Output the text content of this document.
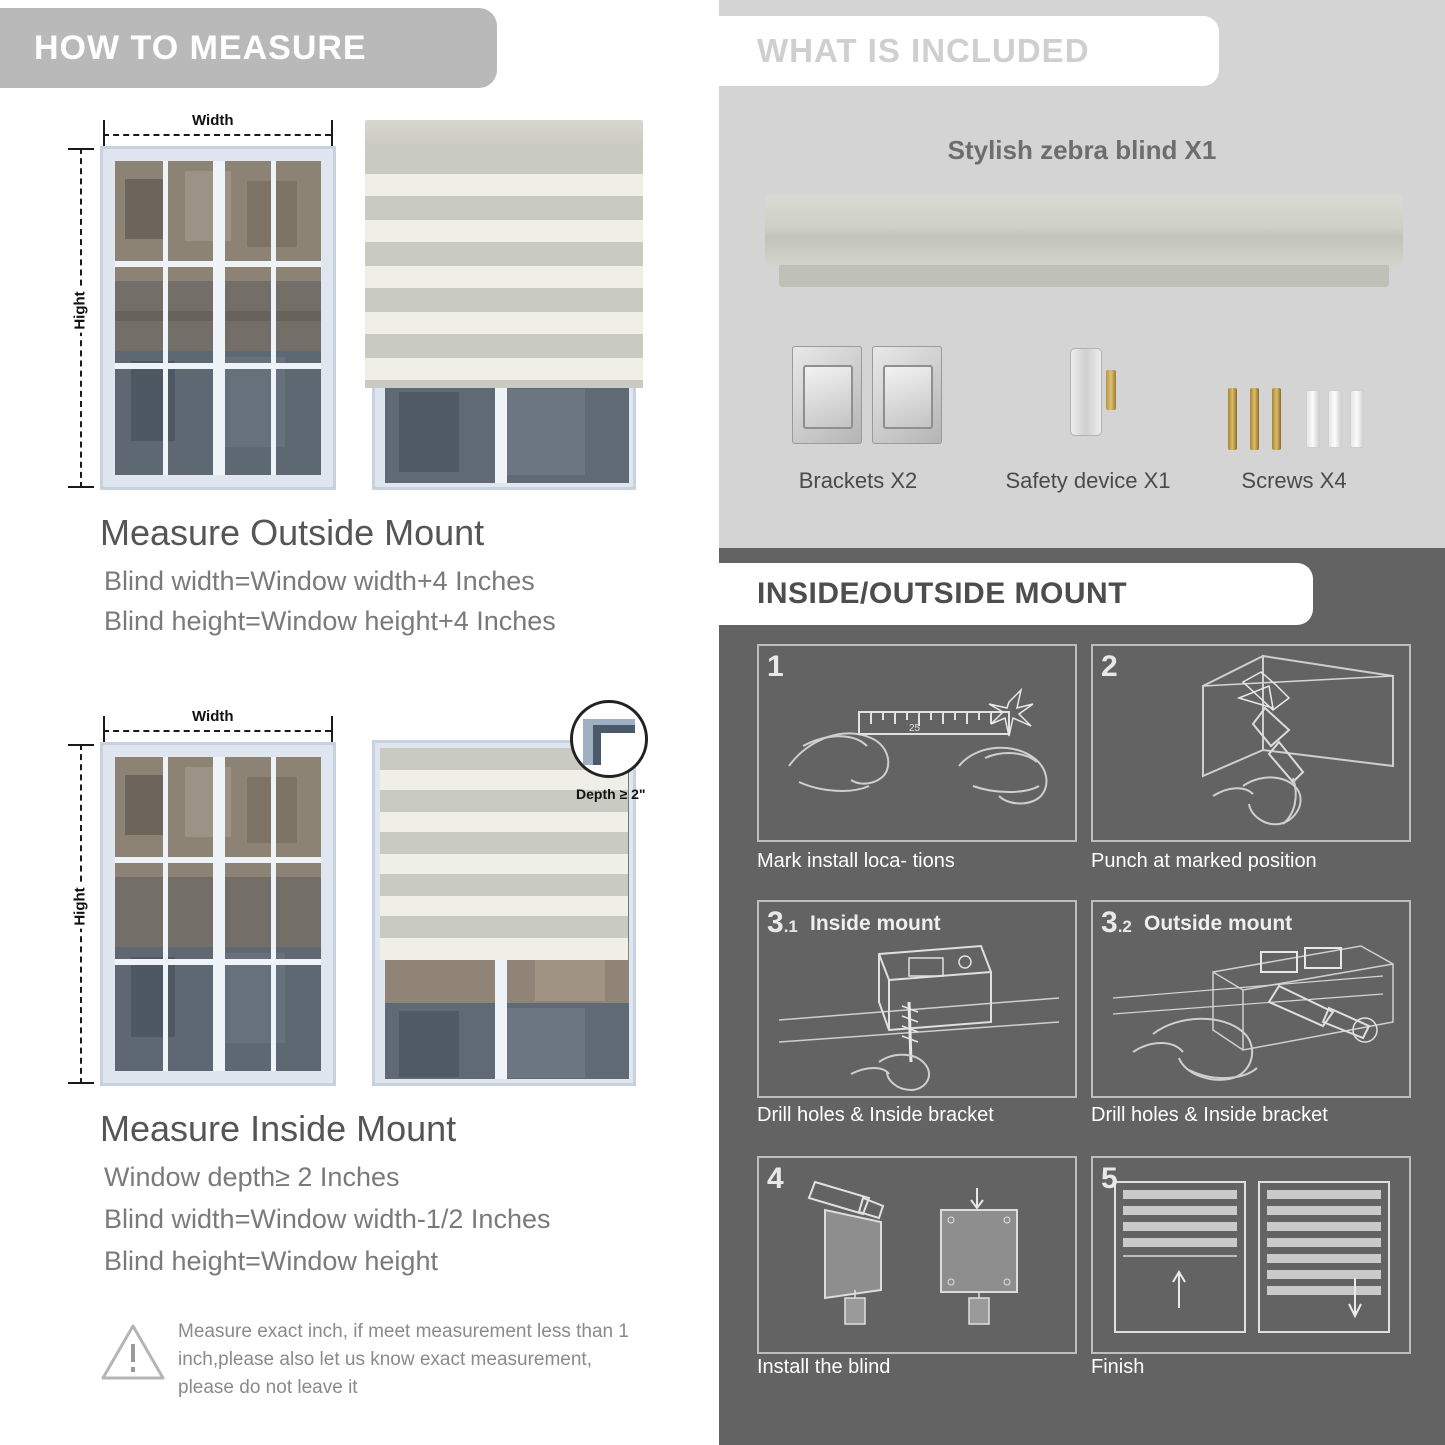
HOW TO MEASURE
Width
Hight
Measure Outside Mount
Blind width=Window width+4 Inches
Blind height=Window height+4 Inches
Width
Hight
Depth ≥ 2"
Measure Inside Mount
Window depth≥ 2 Inches
Blind width=Window width-1/2 Inches
Blind height=Window height
Measure exact inch, if meet measurement less than 1 inch,please also let us know exact measurement, please do not leave it
WHAT IS INCLUDED
Stylish zebra blind X1
Brackets X2	Safety device X1	Screws X4
INSIDE/OUTSIDE MOUNT
25
1
Mark install loca- tions
2
Punch at marked position
3.1 Inside mount
Drill holes & Inside bracket
3.2 Outside mount
Drill holes & Inside bracket
4
Install the blind
5
Finish
